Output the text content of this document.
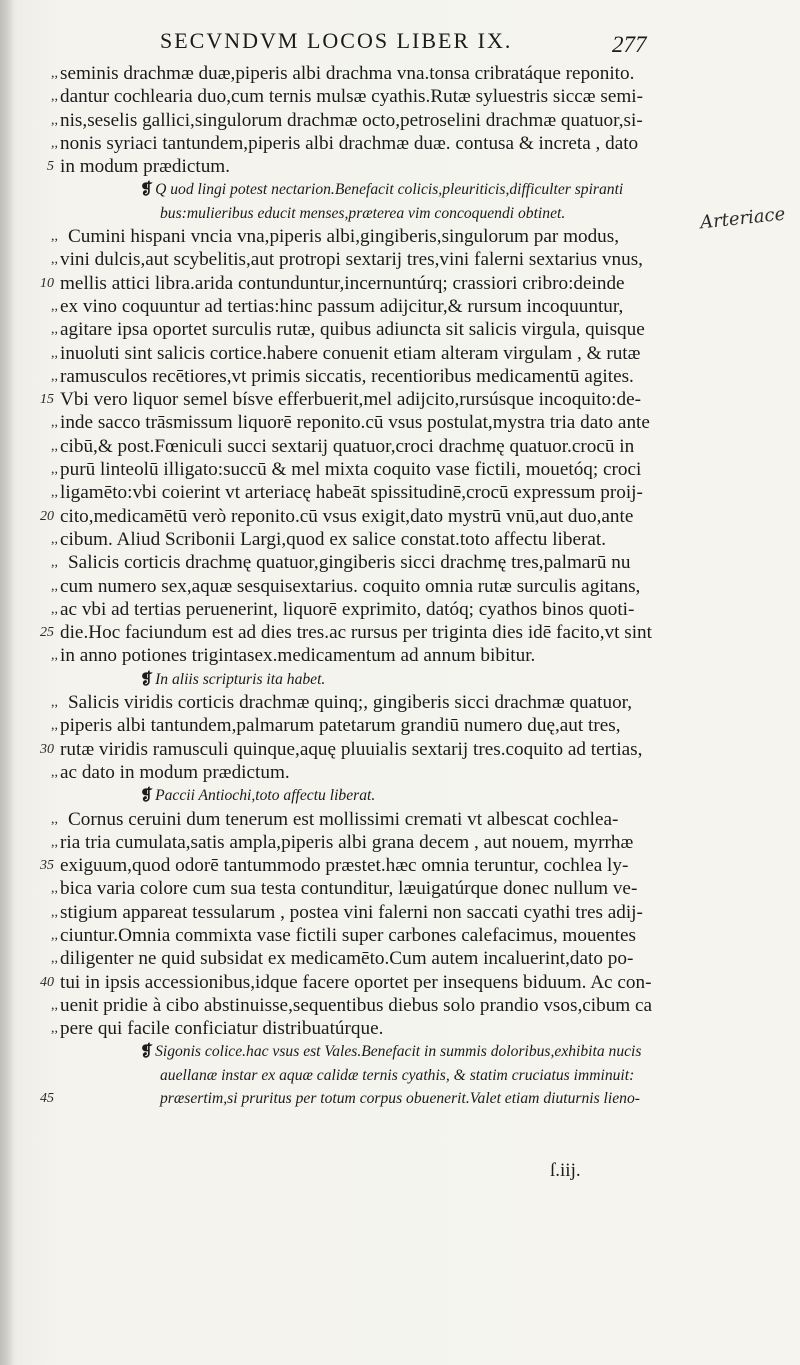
SECVNDVM LOCOS LIBER IX.	277
Arteriace
,, seminis drachmæ duæ,piperis albi drachma vna.tonsa cribratáque reponito.
,, dantur cochlearia duo,cum ternis mulsæ cyathis.Rutæ syluestris siccæ semi-
,, nis,seselis gallici,singulorum drachmæ octo,petroselini drachmæ quatuor,si-
,, nonis syriaci tantundem,piperis albi drachmæ duæ. contusa & increta , dato
5 in modum prædictum.
❡ Q uod lingi potest nectarion.Benefacit colicis,pleuriticis,difficulter spiranti
bus:mulieribus educit menses,præterea vim concoquendi obtinet.
,, Cumini hispani vncia vna,piperis albi,gingiberis,singulorum par modus,
,, vini dulcis,aut scybelitis,aut protropi sextarij tres,vini falerni sextarius vnus,
10 mellis attici libra.arida contunduntur,incernuntúrq; crassiori cribro:deinde
,, ex vino coquuntur ad tertias:hinc passum adijcitur,& rursum incoquuntur,
,, agitare ipsa oportet surculis rutæ, quibus adiuncta sit salicis virgula, quisque
,, inuoluti sint salicis cortice.habere conuenit etiam alteram virgulam , & rutæ
,, ramusculos recētiores,vt primis siccatis, recentioribus medicamentū agites.
15 Vbi vero liquor semel bísve efferbuerit,mel adijcito,rursúsque incoquito:de-
,, inde sacco trāsmissum liquorē reponito.cū vsus postulat,mystra tria dato ante
,, cibū,& post.Fœniculi succi sextarij quatuor,croci drachmę quatuor.crocū in
,, purū linteolū illigato:succū & mel mixta coquito vase fictili, mouetóq; croci
,, ligamēto:vbi coierint vt arteriacę habeāt spissitudinē,crocū expressum proij-
20 cito,medicamētū verò reponito.cū vsus exigit,dato mystrū vnū,aut duo,ante
,, cibum. Aliud Scribonii Largi,quod ex salice constat.toto affectu liberat.
,, Salicis corticis drachmę quatuor,gingiberis sicci drachmę tres,palmarū nu
,, cum numero sex,aquæ sesquisextarius. coquito omnia rutæ surculis agitans,
,, ac vbi ad tertias peruenerint, liquorē exprimito, datóq; cyathos binos quoti-
25 die.Hoc faciundum est ad dies tres.ac rursus per triginta dies idē facito,vt sint
,, in anno potiones trigintasex.medicamentum ad annum bibitur.
❡ In aliis scripturis ita habet.
,, Salicis viridis corticis drachmæ quinq;, gingiberis sicci drachmæ quatuor,
,, piperis albi tantundem,palmarum patetarum grandiū numero duę,aut tres,
30 rutæ viridis ramusculi quinque,aquę pluuialis sextarij tres.coquito ad tertias,
,, ac dato in modum prædictum.
❡ Paccii Antiochi,toto affectu liberat.
,, Cornus ceruini dum tenerum est mollissimi cremati vt albescat cochlea-
,, ria tria cumulata,satis ampla,piperis albi grana decem , aut nouem, myrrhæ
35 exiguum,quod odorē tantummodo præstet.hæc omnia teruntur, cochlea ly-
,, bica varia colore cum sua testa contunditur, læuigatúrque donec nullum ve-
,, stigium appareat tessularum , postea vini falerni non saccati cyathi tres adij-
,, ciuntur.Omnia commixta vase fictili super carbones calefacimus, mouentes
,, diligenter ne quid subsidat ex medicamēto.Cum autem incaluerint,dato po-
40 tui in ipsis accessionibus,idque facere oportet per insequens biduum. Ac con-
,, uenit pridie à cibo abstinuisse,sequentibus diebus solo prandio vsos,cibum ca
,, pere qui facile conficiatur distribuatúrque.
❡ Sigonis colice.hac vsus est Vales.Benefacit in summis doloribus,exhibita nucis
auellanæ instar ex aquæ calidæ ternis cyathis, & statim cruciatus imminuit:
45	præsertim,si pruritus per totum corpus obuenerit.Valet etiam diuturnis lieno-
ſ.iij.
